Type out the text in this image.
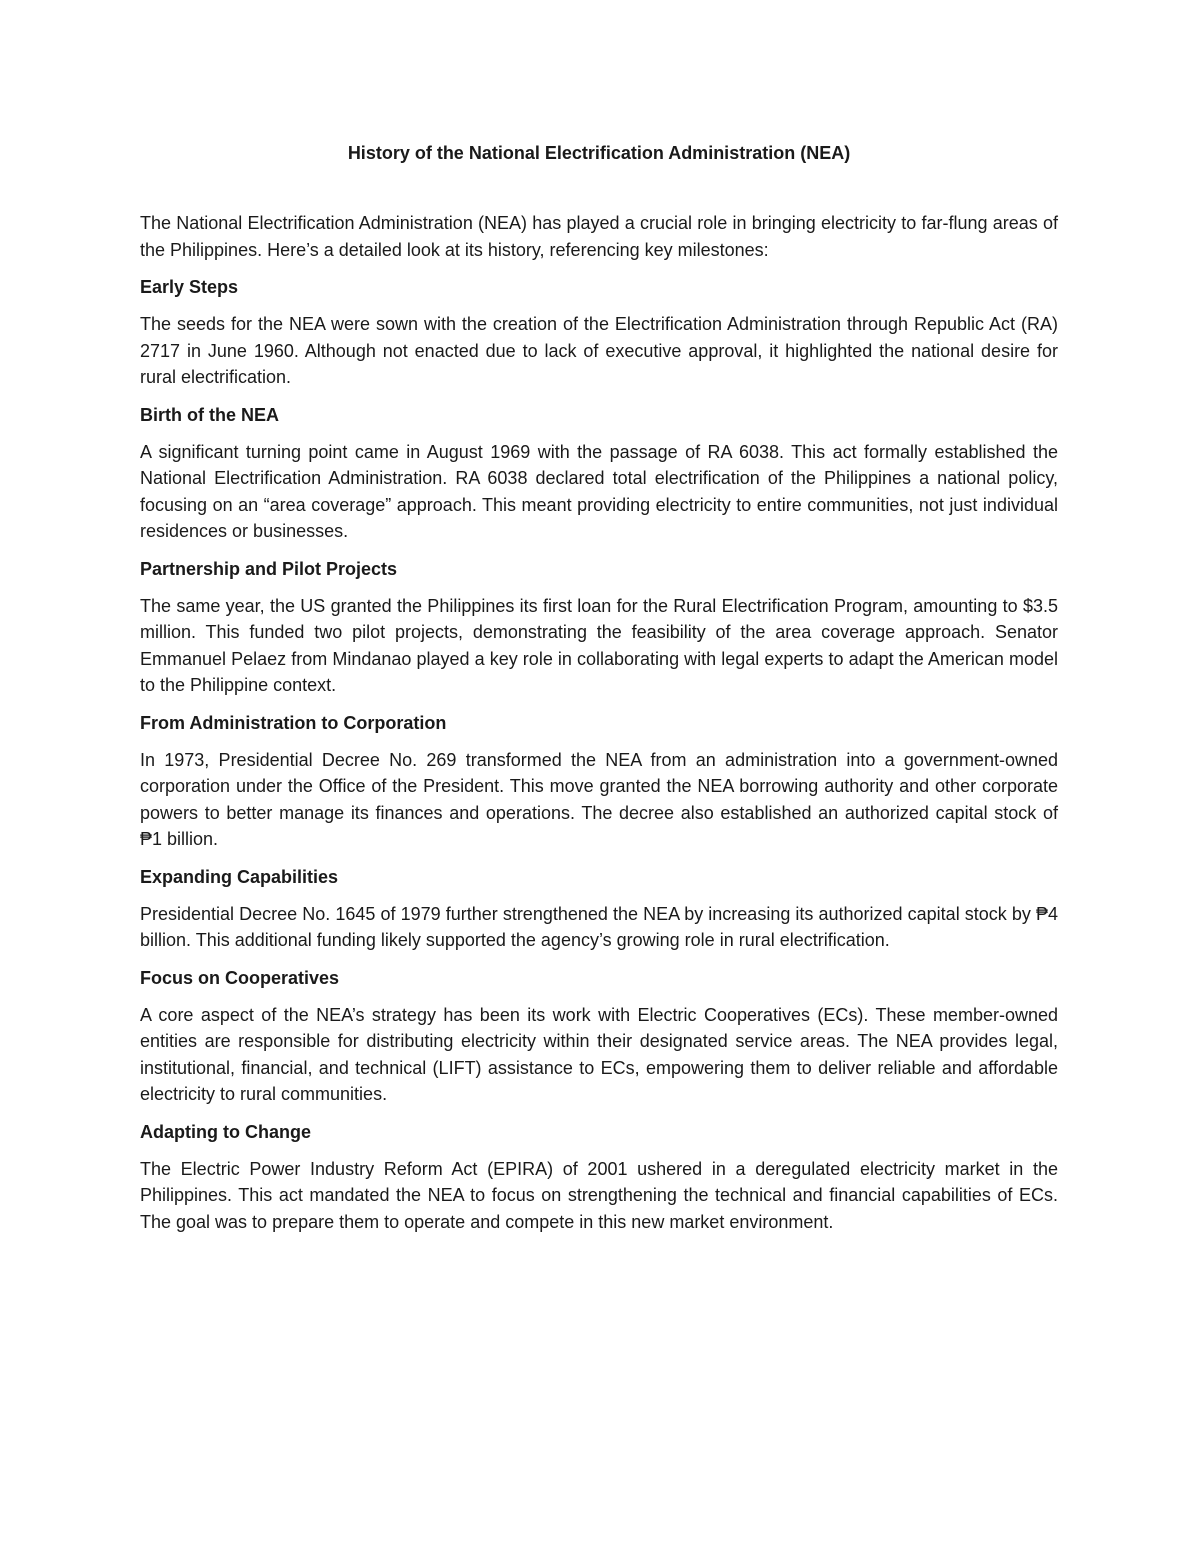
History of the National Electrification Administration (NEA)

The National Electrification Administration (NEA) has played a crucial role in bringing electricity to far-flung areas of the Philippines. Here’s a detailed look at its history, referencing key milestones:

Early Steps

The seeds for the NEA were sown with the creation of the Electrification Administration through Republic Act (RA) 2717 in June 1960. Although not enacted due to lack of executive approval, it highlighted the national desire for rural electrification.

Birth of the NEA

A significant turning point came in August 1969 with the passage of RA 6038. This act formally established the National Electrification Administration. RA 6038 declared total electrification of the Philippines a national policy, focusing on an “area coverage” approach. This meant providing electricity to entire communities, not just individual residences or businesses.

Partnership and Pilot Projects

The same year, the US granted the Philippines its first loan for the Rural Electrification Program, amounting to $3.5 million. This funded two pilot projects, demonstrating the feasibility of the area coverage approach. Senator Emmanuel Pelaez from Mindanao played a key role in collaborating with legal experts to adapt the American model to the Philippine context.

From Administration to Corporation

In 1973, Presidential Decree No. 269 transformed the NEA from an administration into a government-owned corporation under the Office of the President. This move granted the NEA borrowing authority and other corporate powers to better manage its finances and operations. The decree also established an authorized capital stock of ₱1 billion.

Expanding Capabilities

Presidential Decree No. 1645 of 1979 further strengthened the NEA by increasing its authorized capital stock by ₱4 billion. This additional funding likely supported the agency’s growing role in rural electrification.

Focus on Cooperatives

A core aspect of the NEA’s strategy has been its work with Electric Cooperatives (ECs). These member-owned entities are responsible for distributing electricity within their designated service areas. The NEA provides legal, institutional, financial, and technical (LIFT) assistance to ECs, empowering them to deliver reliable and affordable electricity to rural communities.

Adapting to Change

The Electric Power Industry Reform Act (EPIRA) of 2001 ushered in a deregulated electricity market in the Philippines. This act mandated the NEA to focus on strengthening the technical and financial capabilities of ECs. The goal was to prepare them to operate and compete in this new market environment.
